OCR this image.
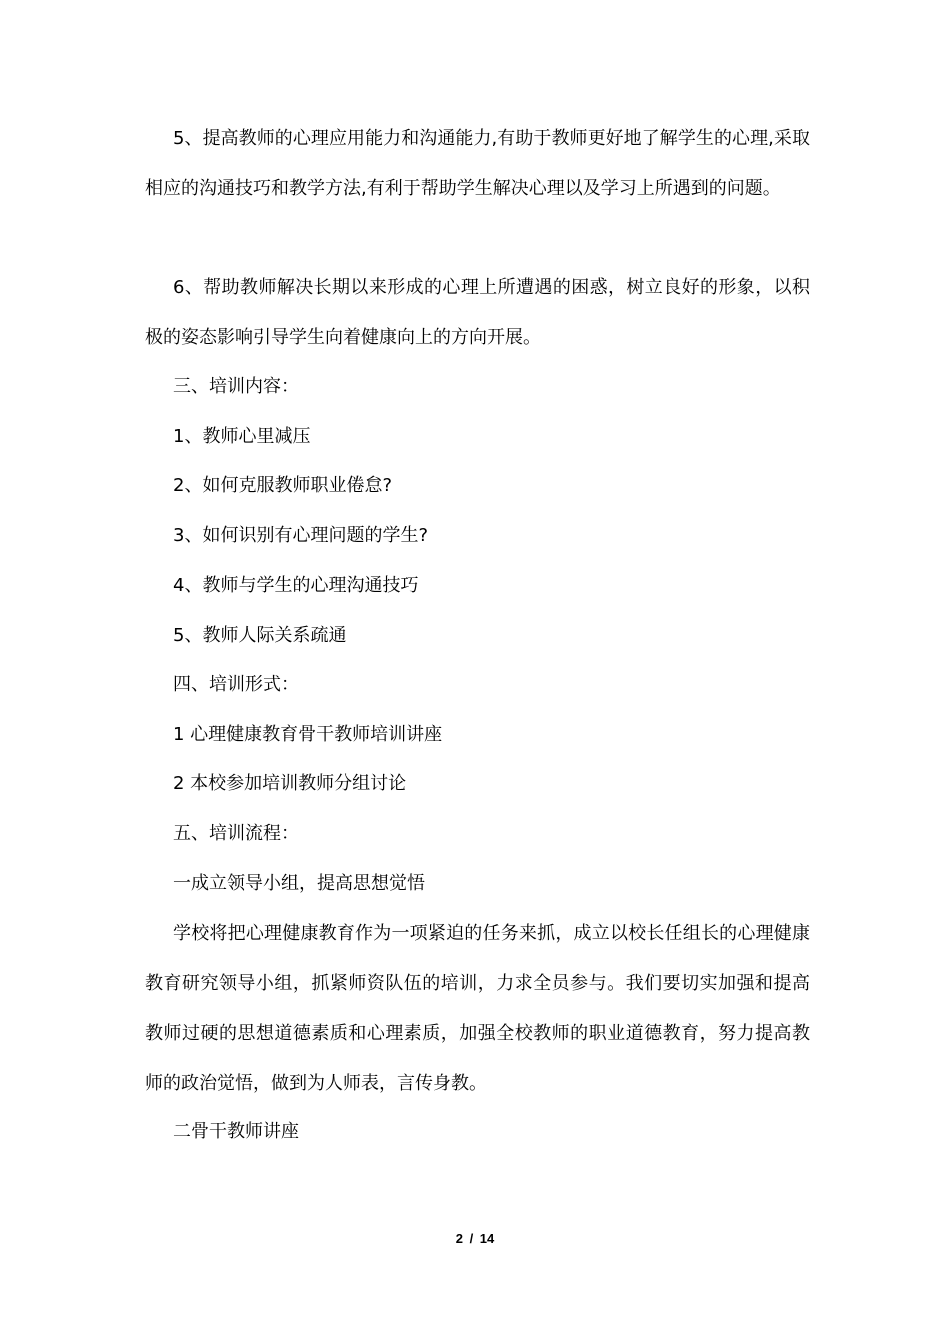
5、提高教师的心理应用能力和沟通能力,有助于教师更好地了解学生的心理,采取相应的沟通技巧和教学方法,有利于帮助学生解决心理以及学习上所遇到的问题。

6、帮助教师解决长期以来形成的心理上所遭遇的困惑，树立良好的形象，以积极的姿态影响引导学生向着健康向上的方向开展。

三、培训内容：

1、教师心里减压

2、如何克服教师职业倦怠?

3、如何识别有心理问题的学生?

4、教师与学生的心理沟通技巧

5、教师人际关系疏通

四、培训形式：

1 心理健康教育骨干教师培训讲座

2 本校参加培训教师分组讨论

五、培训流程：

一成立领导小组，提高思想觉悟

学校将把心理健康教育作为一项紧迫的任务来抓，成立以校长任组长的心理健康教育研究领导小组，抓紧师资队伍的培训，力求全员参与。我们要切实加强和提高教师过硬的思想道德素质和心理素质，加强全校教师的职业道德教育，努力提高教师的政治觉悟，做到为人师表，言传身教。

二骨干教师讲座

2 / 14
